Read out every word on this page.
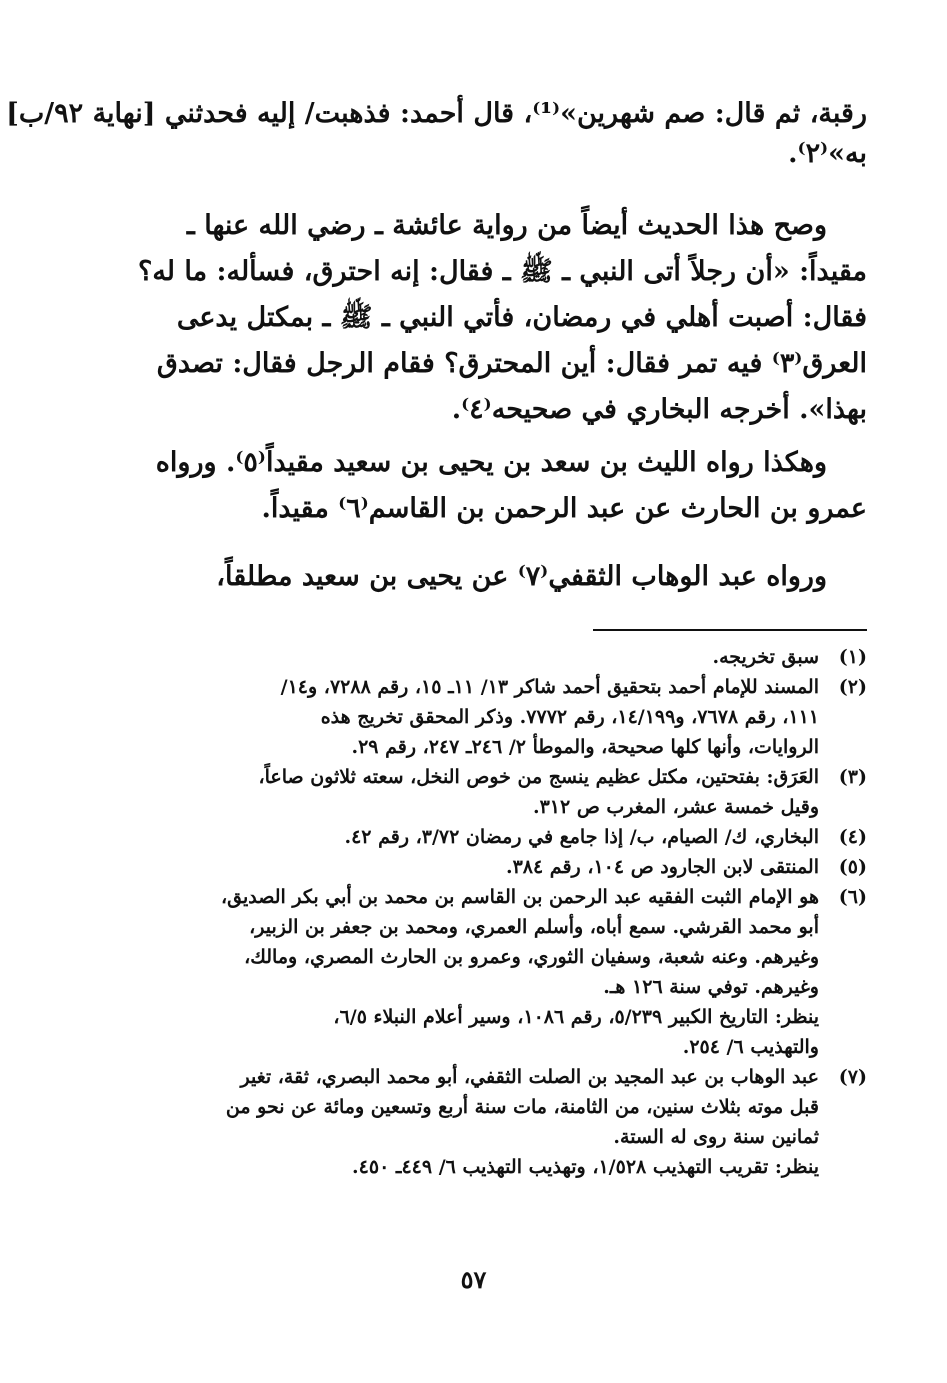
رقبة، ثم قال: صم شهرين»⁽¹⁾، قال أحمد: فذهبت/ إليه فحدثني [نهاية ٩٢/ب]
به»⁽٢⁾.
وصح هذا الحديث أيضاً من رواية عائشة ـ رضي الله عنها ـ
مقيداً: «أن رجلاً أتى النبي ـ ﷺ ـ فقال: إنه احترق، فسأله: ما له؟
فقال: أصبت أهلي في رمضان، فأتي النبي ـ ﷺ ـ بمكتل يدعى
العرق⁽٣⁾ فيه تمر فقال: أين المحترق؟ فقام الرجل فقال: تصدق
بهذا». أخرجه البخاري في صحيحه⁽٤⁾.
وهكذا رواه الليث بن سعد بن يحيى بن سعيد مقيداً⁽٥⁾. ورواه
عمرو بن الحارث عن عبد الرحمن بن القاسم⁽٦⁾ مقيداً.
ورواه عبد الوهاب الثقفي⁽٧⁾ عن يحيى بن سعيد مطلقاً،
(١)
سبق تخريجه.
(٢)
المسند للإمام أحمد بتحقيق أحمد شاكر ١٣/ ١١ـ ١٥، رقم ٧٢٨٨، و١٤/
١١١، رقم ٧٦٧٨، و١٤/١٩٩، رقم ٧٧٧٢. وذكر المحقق تخريج هذه
الروايات، وأنها كلها صحيحة، والموطأ ٢/ ٢٤٦ـ ٢٤٧، رقم ٢٩.
(٣)
العَرَق: بفتحتين، مكتل عظيم ينسج من خوص النخل، سعته ثلاثون صاعاً،
وقيل خمسة عشر، المغرب ص ٣١٢.
(٤)
البخاري، ك/ الصيام، ب/ إذا جامع في رمضان ٣/٧٢، رقم ٤٢.
(٥)
المنتقى لابن الجارود ص ١٠٤، رقم ٣٨٤.
(٦)
هو الإمام الثبت الفقيه عبد الرحمن بن القاسم بن محمد بن أبي بكر الصديق،
أبو محمد القرشي. سمع أباه، وأسلم العمري، ومحمد بن جعفر بن الزبير،
وغيرهم. وعنه شعبة، وسفيان الثوري، وعمرو بن الحارث المصري، ومالك،
وغيرهم. توفي سنة ١٢٦ هـ.
ينظر: التاريخ الكبير ٥/٢٣٩، رقم ١٠٨٦، وسير أعلام النبلاء ٦/٥،
والتهذيب ٦/ ٢٥٤.
(٧)
عبد الوهاب بن عبد المجيد بن الصلت الثقفي، أبو محمد البصري، ثقة، تغير
قبل موته بثلاث سنين، من الثامنة، مات سنة أربع وتسعين ومائة عن نحو من
ثمانين سنة روى له الستة.
ينظر: تقريب التهذيب ١/٥٢٨، وتهذيب التهذيب ٦/ ٤٤٩ـ ٤٥٠.
٥٧
